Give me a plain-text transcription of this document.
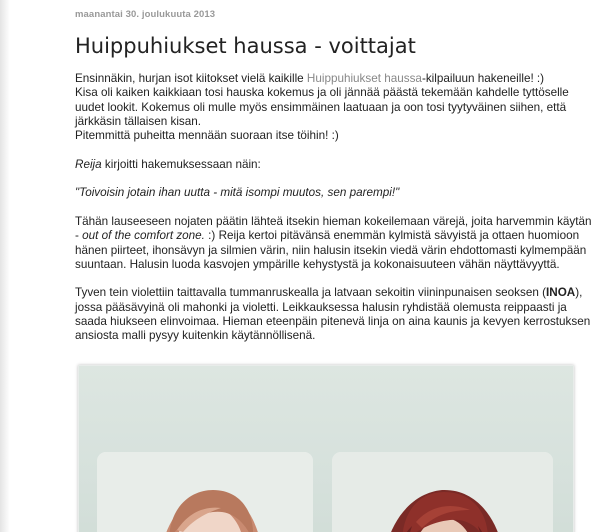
maanantai 30. joulukuuta 2013
Huippuhiukset haussa - voittajat

Ensinnäkin, hurjan isot kiitokset vielä kaikille Huippuhiukset haussa-kilpailuun hakeneille! :)
Kisa oli kaiken kaikkiaan tosi hauska kokemus ja oli jännää päästä tekemään kahdelle tyttöselle uudet lookit. Kokemus oli mulle myös ensimmäinen laatuaan ja oon tosi tyytyväinen siihen, että järkkäsin tällaisen kisan.
Pitemmittä puheitta mennään suoraan itse töihin! :)

Reija kirjoitti hakemuksessaan näin:

"Toivoisin jotain ihan uutta - mitä isompi muutos, sen parempi!"

Tähän lauseeseen nojaten päätin lähteä itsekin hieman kokeilemaan värejä, joita harvemmin käytän - out of the comfort zone. :) Reija kertoi pitävänsä enemmän kylmistä sävyistä ja ottaen huomioon hänen piirteet, ihonsävyn ja silmien värin, niin halusin itsekin viedä värin ehdottomasti kylmempään suuntaan. Halusin luoda kasvojen ympärille kehystystä ja kokonaisuuteen vähän näyttävyyttä.

Tyven tein violettiin taittavalla tummanruskealla ja latvaan sekoitin viininpunaisen seoksen (INOA), jossa pääsävyinä oli mahonki ja violetti. Leikkauksessa halusin ryhdistää olemusta reippaasti ja saada hiukseen elinvoimaa. Hieman eteenpäin pitenevä linja on aina kaunis ja kevyen kerrostuksen ansiosta malli pysyy kuitenkin käytännöllisenä.
